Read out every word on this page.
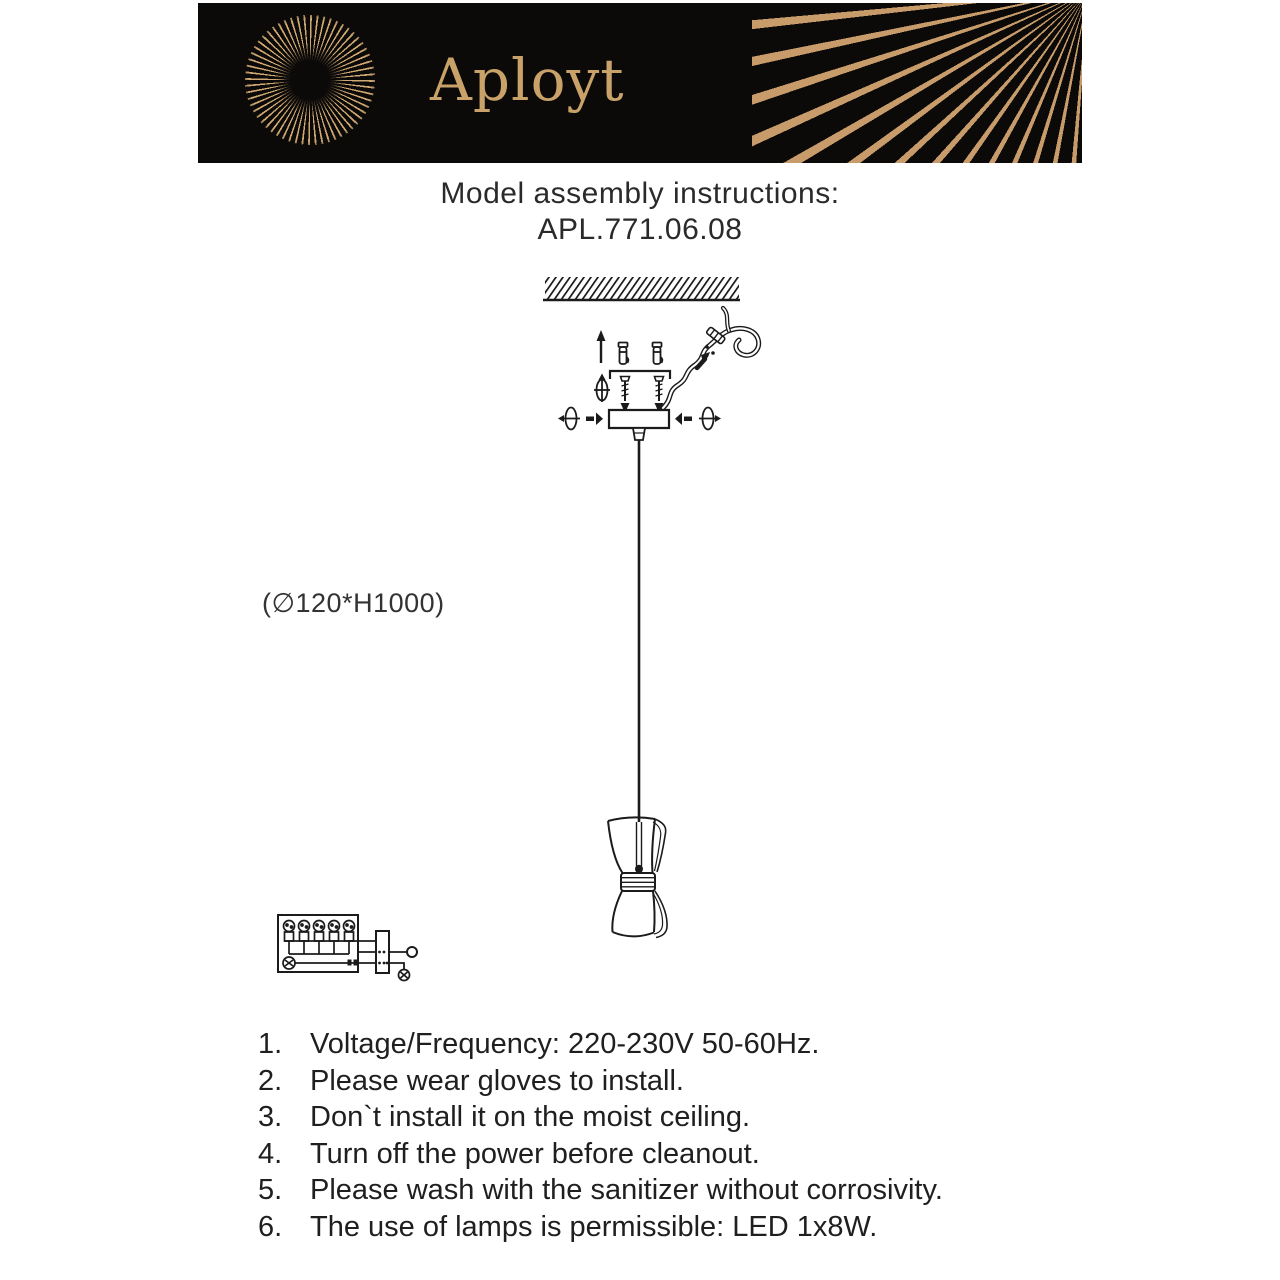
Aployt
Model assembly instructions:
APL.771.06.08
(∅120*H1000)
1. Voltage/Frequency: 220-230V 50-60Hz.
2. Please wear gloves to install.
3. Don`t install it on the moist ceiling.
4. Turn off the power before cleanout.
5. Please wash with the sanitizer without corrosivity.
6. The use of lamps is permissible: LED 1x8W.
